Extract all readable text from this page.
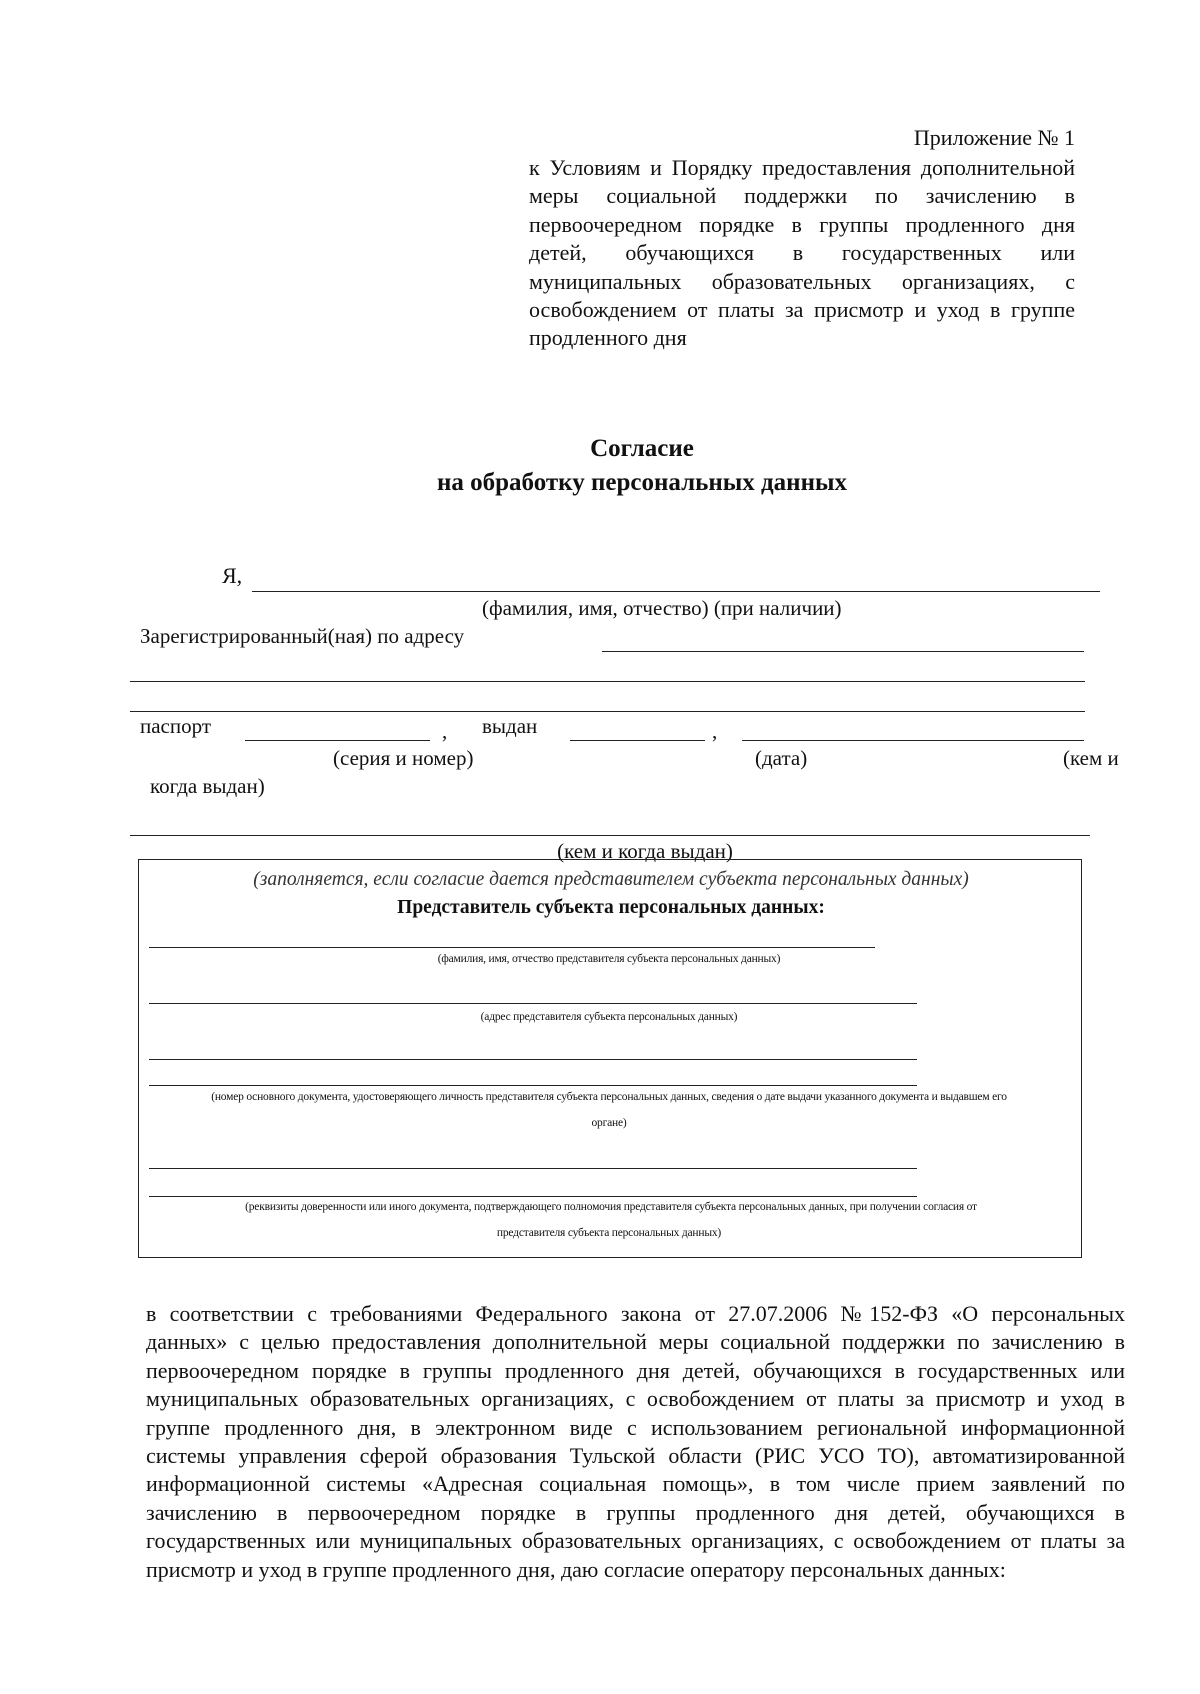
Приложение № 1
к Условиям и Порядку предоставления дополнительной меры социальной поддержки по зачислению в первоочередном порядке в группы продленного дня детей, обучающихся в государственных или муниципальных образовательных организациях, с освобождением от платы за присмотр и уход в группе продленного дня
Согласие
на обработку персональных данных
Я,
(фамилия, имя, отчество) (при наличии)
Зарегистрированный(ная) по адресу
паспорт	, выдан	,
(серия и номер)	(дата)	(кем и
когда выдан)
(кем и когда выдан)
(заполняется, если согласие дается представителем субъекта персональных данных)
Представитель субъекта персональных данных:
(фамилия, имя, отчество представителя субъекта персональных данных)
(адрес представителя субъекта персональных данных)
(номер основного документа, удостоверяющего личность представителя субъекта персональных данных, сведения о дате выдачи указанного документа и выдавшем его
органе)
(реквизиты доверенности или иного документа, подтверждающего полномочия представителя субъекта персональных данных, при получении согласия от
представителя субъекта персональных данных)
в соответствии с требованиями Федерального закона от 27.07.2006 №152-ФЗ «О персональных данных» с целью предоставления дополнительной меры социальной поддержки по зачислению в первоочередном порядке в группы продленного дня детей, обучающихся в государственных или муниципальных образовательных организациях, с освобождением от платы за присмотр и уход в группе продленного дня, в электронном виде с использованием региональной информационной системы управления сферой образования Тульской области (РИС УСО ТО), автоматизированной информационной системы «Адресная социальная помощь», в том числе прием заявлений по зачислению в первоочередном порядке в группы продленного дня детей, обучающихся в государственных или муниципальных образовательных организациях, с освобождением от платы за присмотр и уход в группе продленного дня, даю согласие оператору персональных данных:
